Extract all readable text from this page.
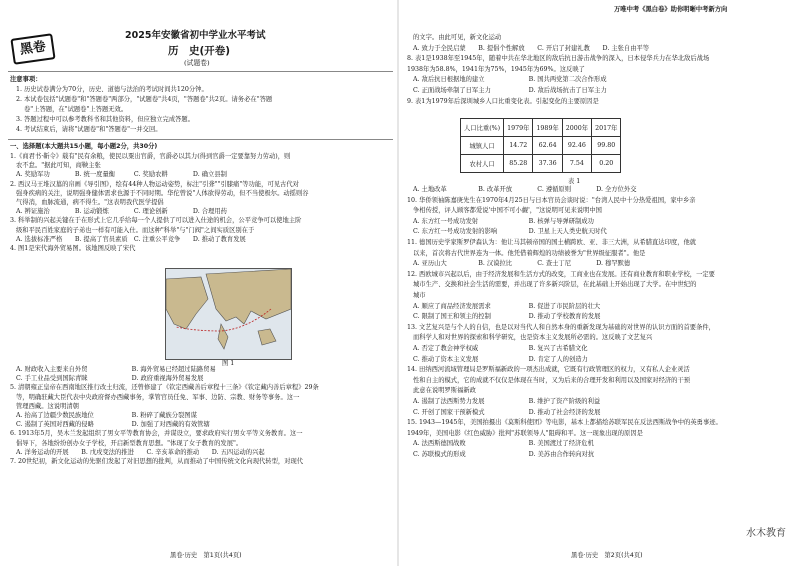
黑卷
2025年安徽省初中学业水平考试
历　史(开卷)
(试题卷)
注意事项：
1. 历史试卷满分为70分，历史、道德与法治的考试时间共120分钟。
2. 本试卷包括"试题卷"和"答题卷"两部分，"试题卷"共4页，"答题卷"共2页。请务必在"答题
卷"上答题，在"试题卷"上答题无效。
3. 答题过程中可以参考教科书和其他资料，但应独立完成答题。
4. 考试结束后，请将"试题卷"和"答题卷"一并交回。
一、选择题(本大题共15小题，每小题2分，共30分)
1.《商君书·靳令》载有"民有余粮，使民以粟出官爵，官爵必以其力(得到官爵一定要靠努力劳动)，则
农不怠。"据此可知，商鞅主张
A. 奖励军功　　　　B. 统一度量衡　　　C. 奖励农耕　　　　D. 确立县制
2. 西汉马王堆汉墓的帛画《导引图》，绘有44种人物运动姿势，标注"引聋""引膝痛"等功能，可见古代对
强身疾病的关注，说明强身健体需求也源于不同时期。华佗曾说"人体欲得劳动，但不当使极尔。动摇则谷
气得消，血脉流通，病不得生。"这表明我代医学提倡
A. 辨证施治　　　　B. 运动锻炼　　　　C. 理论创新　　　　D. 合理用药
3. 科举制的兴起关键在于在形式上它几乎给每一个人提供了可以进入仕途的机会，公平竞争可以使地主阶
级和平民百姓家庭的子弟也一样有可能入仕。而这种"科举"与"门阀"之间实质区别在于
A. 选拔标准严格　　B. 提高了官员素质　C. 注重公平竞争　　D. 推动了教育发展
4. 图1是宋代海外贸易图。该地图反映了宋代
A. 财政收入主要来自外贸　　　　　　　B. 海外贸易已经超过陆路贸易
C. 手工业品受到国际青睐　　　　　　　D. 政府重视海外贸易发展
5. 清朝雍正皇帝在西南地区推行改土归流，还曾修建了《钦定西藏善后章程十三条》《钦定藏内善后章程》29条
等，明确驻藏大臣代表中央政府督办西藏事务，掌管官员任免、军事、边防、宗教、财务等事务。这一
管理西藏。这说明清朝
A. 抬高了边疆少数民族地位　　　　　　B. 粉碎了藏族分裂图谋
C. 遏制了英国对西藏的侵略　　　　　　D. 加强了对西藏的有效管辖
6. 1913年5月，吴木兰发起组织了男女平等教育协会，并谋设立，要求政府实行男女平等义务教育。这一
倡导下，各地纷纷创办女子学校，开启新型教育思想。"体现了女子教育的发展"。
A. 洋务运动的开展　　B. 戊戌变法的推进　　C. 辛亥革命的推动　　D. 五四运动的兴起
7. 20世纪初，新文化运动的先驱们发起了对旧思想的批判，从而推动了中国传统文化向现代转型，对现代
图 1
黑卷·历史　第1页(共4页)
万唯中考《黑白卷》助你明晰中考新方向
的文字。由此可见，新文化运动
A. 致力于全民启蒙　　B. 提倡个性解放　　C. 开启了封建礼教　　D. 主张自由平等
8. 表1是1938年至1945年，随着中共在华北地区的敌后抗日游击战争的深入，日本侵华兵力在华北敌后战场
1938年为58.8%，1941年为75%，1945年为69%。这反映了
A. 敌后抗日根据地的建立　　　　　　　B. 国共两党第二次合作形成
C. 正面战场牵制了日军主力　　　　　　D. 敌后战场抗击了日军主力
9. 表1为1979年后深圳城乡人口比重变化表。引起变化的主要原因是
A. 土地改革　　　　　B. 改革开放　　　　C. 遵循原则　　　　D. 全方位外交
10. 华侨领袖陈嘉庚先生在1970年4月25日与日本官员会谈时说："台湾人民中十分热爱祖国，家中乡亲
争相传授，评人顾客都爱说'中国不可小觑'，"这说明可见来说明中国
A. 东方红一号成功发射　　　　　　　　B. 核弹与导弹研制成功
C. 东方红一号成功发射的影响　　　　　D. 卫星上天人类史航天时代
11. 德国历史学家斯罗伊森认为：他让马其顿帝国的国土横跨欧、亚、非三大洲，从希腊直达印度，他就
以来，首次将古代世界连为一体。他凭借着辉煌的功绩被誉为"世界级征服者"。他是
A. 亚历山大　　　　　B. 汉谟拉比　　　　C. 查士丁尼　　　　D. 穆罕默德
12. 西欧城市兴起以后，由于经济发展和生活方式的改变，工商业也在发展。还有商业教育和职业学校，一定要
城市生产、交换和社会生活的需要，并出现了许多新兴阶层，在此基础上开始出现了大学。在中世纪的
城市
A. 顺应了商品经济发展需求　　　　　　B. 促进了市民阶层的壮大
C. 限制了国王和领主的控制　　　　　　D. 推动了学校教育的发展
13. 文艺复兴是与个人的自信，也是以对当代人和自然本身的重新发现为基础的对世界的认识方面的首要条件，
而科学人和对世界的探索和科学研究，也是资本主义发展所必需的。这反映了文艺复兴
A. 否定了教会神学权威　　　　　　　　B. 复兴了古希腊文化
C. 推动了资本主义发展　　　　　　　　D. 肯定了人的创造力
14. 田纳西河流域管理局是罗斯福新政的一项杰出成就，它既有行政管理区的权力，又有私人企业灵活
性和自主的模式，它的成就不仅仅是体现在当时，又为后来的合理开发和利用以及国家对经济的干预
此意在说明罗斯福新政
A. 遏制了法西斯势力发展　　　　　　　B. 维护了资产阶级的利益
C. 开创了国家干预新模式　　　　　　　D. 推动了社会经济的发展
15. 1943—1945年，美国拍摄出《莫斯科使团》等电影，基本上都描绘苏联军民在反法西斯战争中的英勇事迹。
1949年，美国电影《红色威胁》批判"苏联领导人"阻碍和平。这一现象出现的原因是
A. 法西斯德国战败　　　　　　　　　　B. 美国渡过了经济危机
C. 苏联模式的形成　　　　　　　　　　D. 美苏由合作转向对抗
黑卷·历史　第2页(共4页)
水木教育
人口比重(%)	1979年	1989年	2000年	2017年
城镇人口	14.72	62.64	92.46	99.80
农村人口	85.28	37.36	7.54	0.20
表 1
